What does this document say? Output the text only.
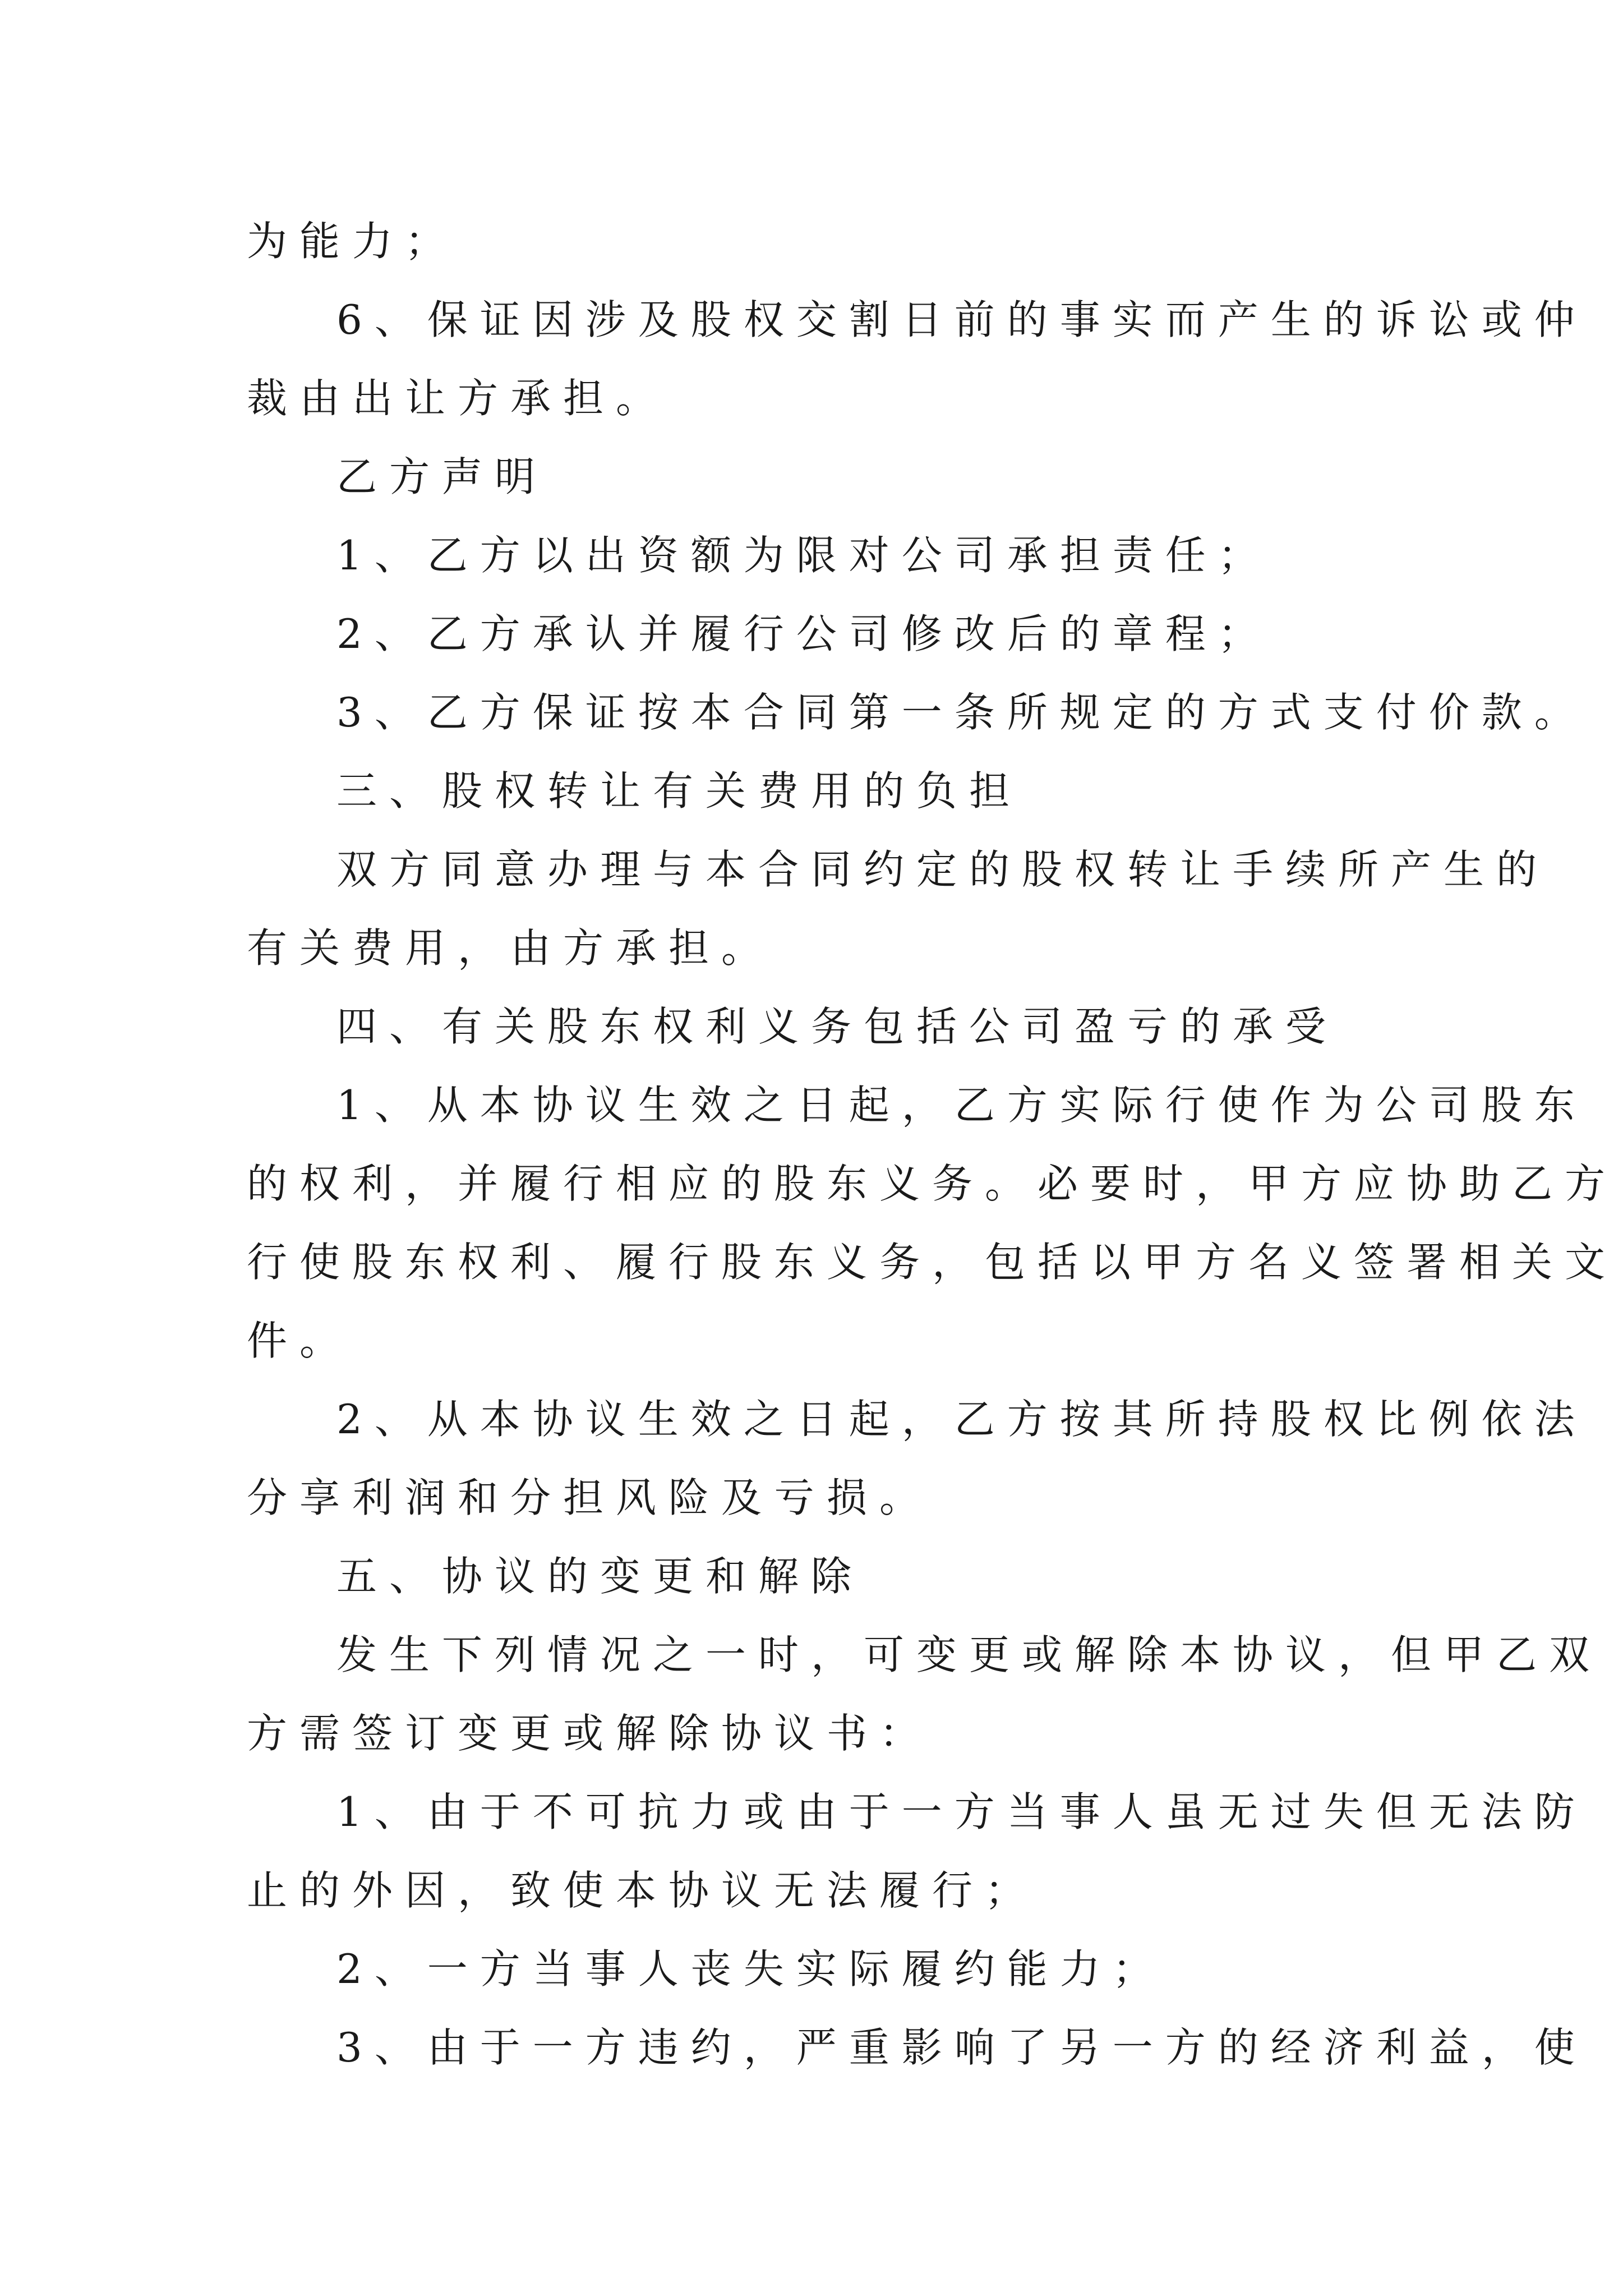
为能力；
6、保证因涉及股权交割日前的事实而产生的诉讼或仲
裁由出让方承担。
乙方声明
1、乙方以出资额为限对公司承担责任；
2、乙方承认并履行公司修改后的章程；
3、乙方保证按本合同第一条所规定的方式支付价款。
三、股权转让有关费用的负担
双方同意办理与本合同约定的股权转让手续所产生的
有关费用，由方承担。
四、有关股东权利义务包括公司盈亏的承受
1、从本协议生效之日起，乙方实际行使作为公司股东
的权利，并履行相应的股东义务。必要时，甲方应协助乙方
行使股东权利、履行股东义务，包括以甲方名义签署相关文
件。
2、从本协议生效之日起，乙方按其所持股权比例依法
分享利润和分担风险及亏损。
五、协议的变更和解除
发生下列情况之一时，可变更或解除本协议，但甲乙双
方需签订变更或解除协议书：
1、由于不可抗力或由于一方当事人虽无过失但无法防
止的外因，致使本协议无法履行；
2、一方当事人丧失实际履约能力；
3、由于一方违约，严重影响了另一方的经济利益，使
